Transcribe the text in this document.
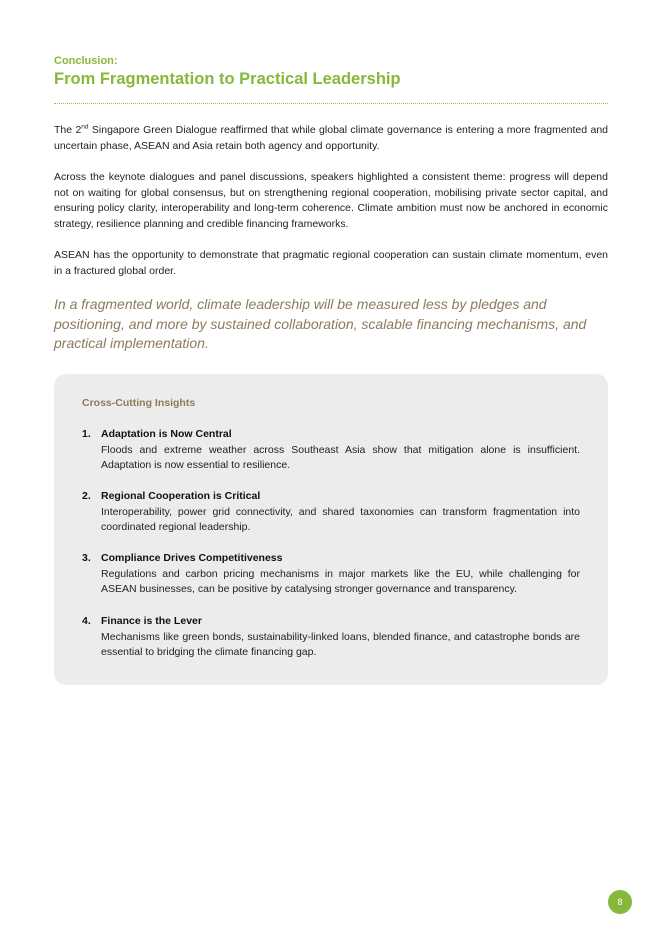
Conclusion:
From Fragmentation to Practical Leadership

The 2nd Singapore Green Dialogue reaffirmed that while global climate governance is entering a more fragmented and uncertain phase, ASEAN and Asia retain both agency and opportunity.

Across the keynote dialogues and panel discussions, speakers highlighted a consistent theme: progress will depend not on waiting for global consensus, but on strengthening regional cooperation, mobilising private sector capital, and ensuring policy clarity, interoperability and long-term coherence. Climate ambition must now be anchored in economic strategy, resilience planning and credible financing frameworks.

ASEAN has the opportunity to demonstrate that pragmatic regional cooperation can sustain climate momentum, even in a fractured global order.

In a fragmented world, climate leadership will be measured less by pledges and positioning, and more by sustained collaboration, scalable financing mechanisms, and practical implementation.

Cross-Cutting Insights
1. Adaptation is Now Central
Floods and extreme weather across Southeast Asia show that mitigation alone is insufficient. Adaptation is now essential to resilience.
2. Regional Cooperation is Critical
Interoperability, power grid connectivity, and shared taxonomies can transform fragmentation into coordinated regional leadership.
3. Compliance Drives Competitiveness
Regulations and carbon pricing mechanisms in major markets like the EU, while challenging for ASEAN businesses, can be positive by catalysing stronger governance and transparency.
4. Finance is the Lever
Mechanisms like green bonds, sustainability-linked loans, blended finance, and catastrophe bonds are essential to bridging the climate financing gap.
8
